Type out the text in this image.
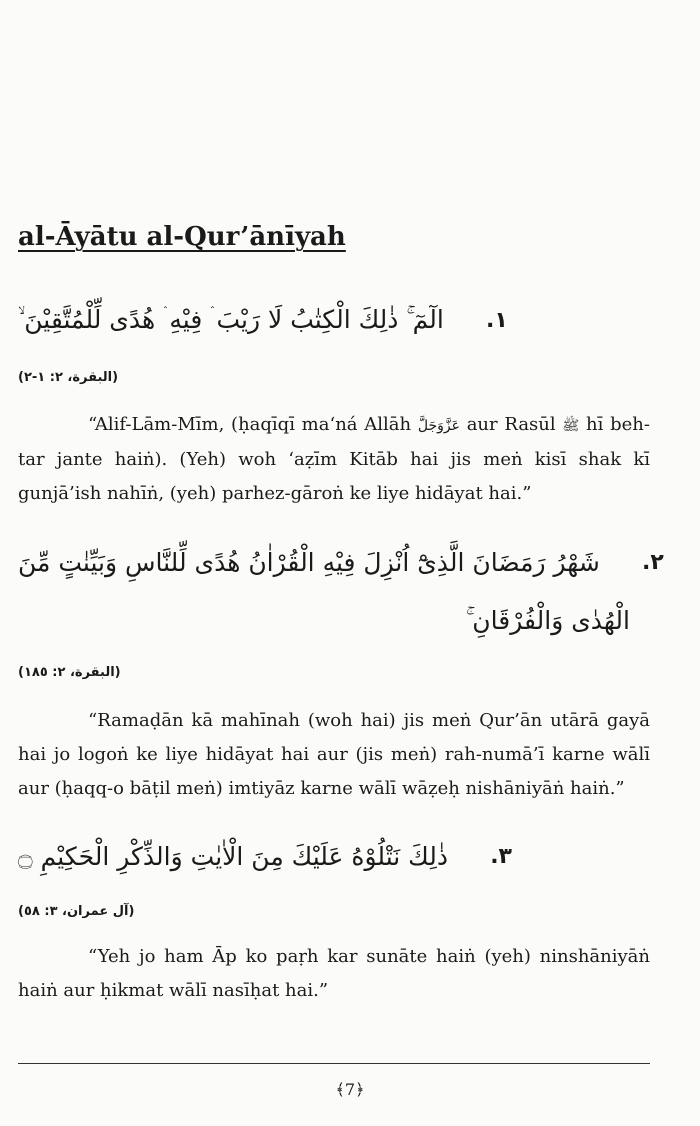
al-Āyātu al-Qur’ānīyah
١.
الٓمٓ ۚ ذٰلِكَ الْكِتٰبُ لَا رَيْبَ ۛ فِيْهِ ۛ هُدًى لِّلْمُتَّقِيْنَ ۙ
(البقرة، ٢: ١-٢)

“Alif-Lām-Mīm, (ḥaqīqī ma‘ná Allāh عَزَّوَجَلَّ aur Rasūl ﷺ hī beh-tar jante haiṅ). (Yeh) woh ‘aẓīm Kitāb hai jis meṅ kisī shak kī gunjā’ish nahīṅ, (yeh) parhez-gāroṅ ke liye hidāyat hai.”

٢.
شَهْرُ رَمَضَانَ الَّذِیْٓ اُنْزِلَ فِیْهِ الْقُرْاٰنُ هُدًی لِّلنَّاسِ وَبَیِّنٰتٍ مِّنَ
الْهُدٰی وَالْفُرْقَانِ ۚ
(البقرة، ٢: ١٨٥)

“Ramaḍān kā mahīnah (woh hai) jis meṅ Qur’ān utārā gayā hai jo logoṅ ke liye hidāyat hai aur (jis meṅ) rah-numā’ī karne wālī aur (ḥaqq-o bāṭil meṅ) imtiyāz karne wālī wāẓeḥ nishāniyāṅ haiṅ.”

٣.
ذٰلِكَ نَتْلُوْهُ عَلَیْكَ مِنَ الْاٰیٰتِ وَالذِّكْرِ الْحَكِیْمِ ۝
(آل عمران، ٣: ٥٨)

“Yeh jo ham Āp ko paṛh kar sunāte haiṅ (yeh) ninshāniyāṅ haiṅ aur ḥikmat wālī nasīḥat hai.”

﴾7﴿
